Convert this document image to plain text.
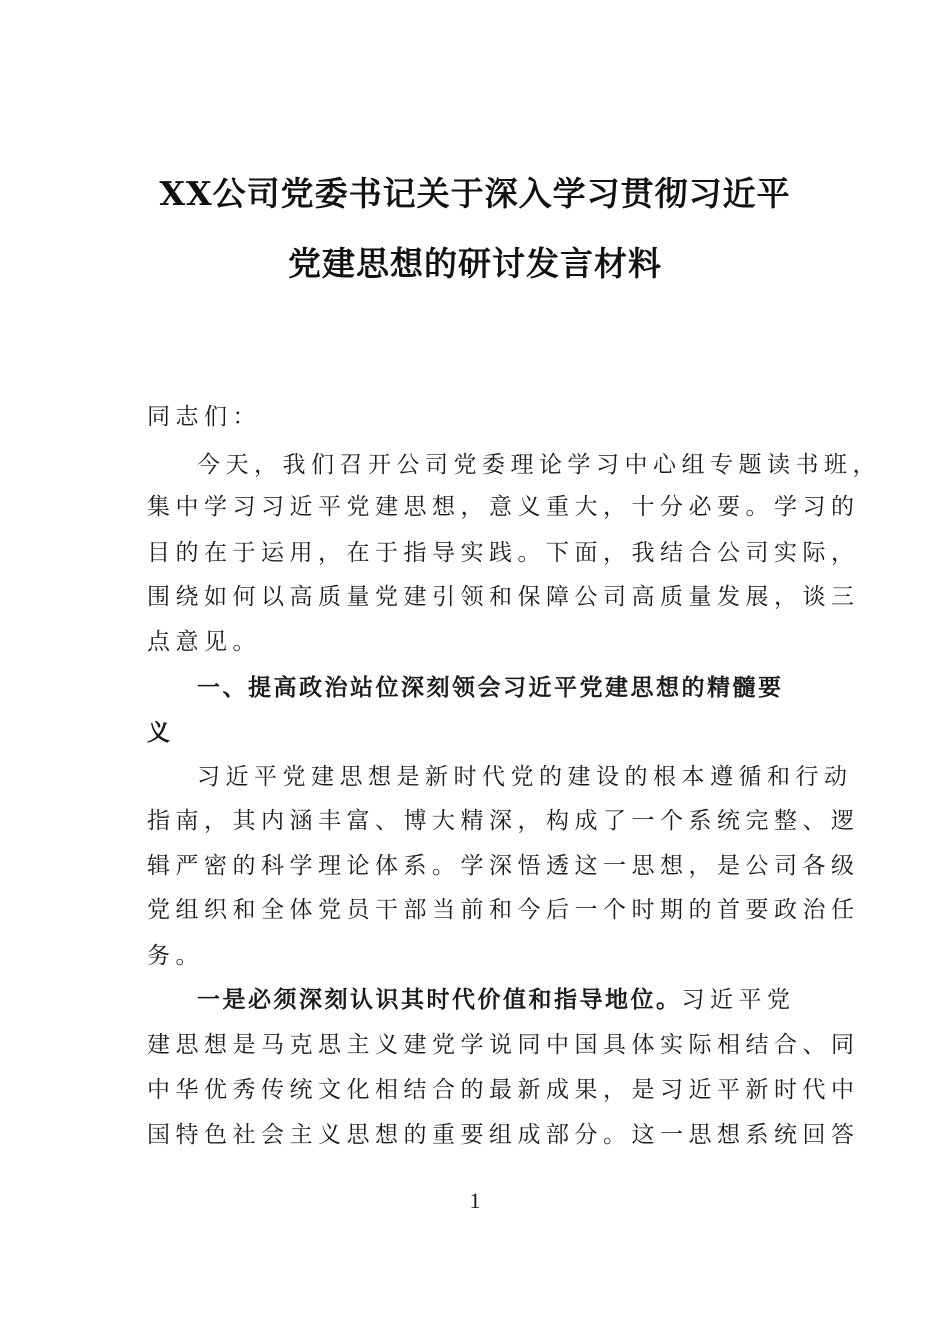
XX公司党委书记关于深入学习贯彻习近平
党建思想的研讨发言材料
同志们：
今天，我们召开公司党委理论学习中心组专题读书班，
集中学习习近平党建思想，意义重大，十分必要。学习的
目的在于运用，在于指导实践。下面，我结合公司实际，
围绕如何以高质量党建引领和保障公司高质量发展，谈三
点意见。
一、提高政治站位深刻领会习近平党建思想的精髓要
义
习近平党建思想是新时代党的建设的根本遵循和行动
指南，其内涵丰富、博大精深，构成了一个系统完整、逻
辑严密的科学理论体系。学深悟透这一思想，是公司各级
党组织和全体党员干部当前和今后一个时期的首要政治任
务。
一是必须深刻认识其时代价值和指导地位。习近平党
建思想是马克思主义建党学说同中国具体实际相结合、同
中华优秀传统文化相结合的最新成果，是习近平新时代中
国特色社会主义思想的重要组成部分。这一思想系统回答
1
